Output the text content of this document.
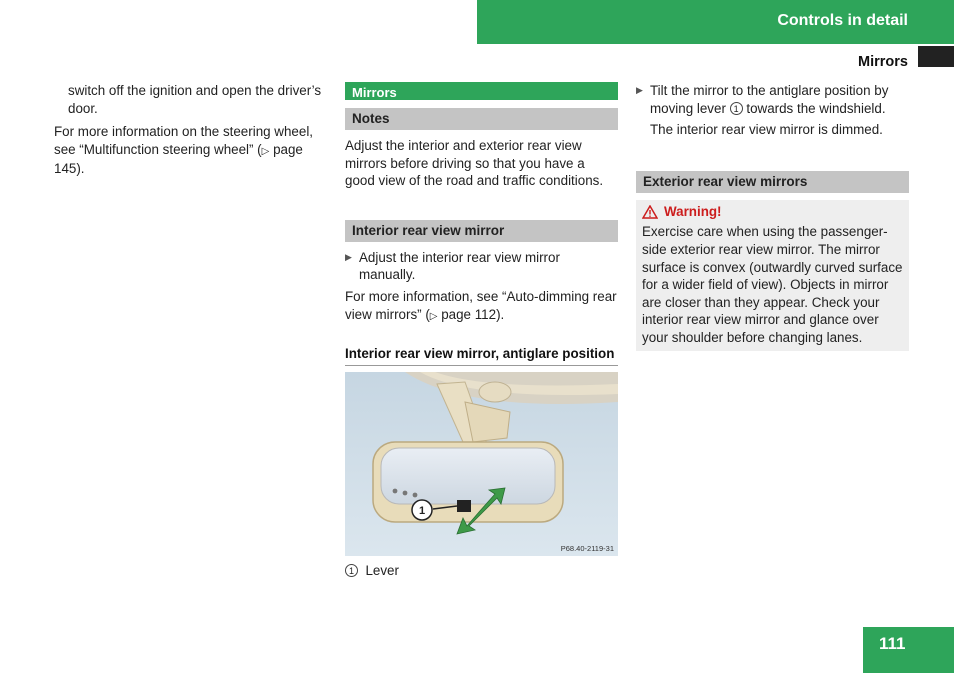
Controls in detail
Mirrors

switch off the ignition and open the driver’s door.

For more information on the steering wheel, see “Multifunction steering wheel” (▷ page 145).

Mirrors
Notes

Adjust the interior and exterior rear view mirrors before driving so that you have a good view of the road and traffic conditions.

Interior rear view mirror
▶ Adjust the interior rear view mirror manually.

For more information, see “Auto-dimming rear view mirrors” (▷ page 112).

Interior rear view mirror, antiglare position
1
P68.40-2119-31

1 Lever

▶ Tilt the mirror to the antiglare position by moving lever 1 towards the windshield.

The interior rear view mirror is dimmed.

Exterior rear view mirrors
Warning!
Exercise care when using the passenger-side exterior rear view mirror. The mirror surface is convex (outwardly curved surface for a wider field of view). Objects in mirror are closer than they appear. Check your interior rear view mirror and glance over your shoulder before changing lanes.
111
